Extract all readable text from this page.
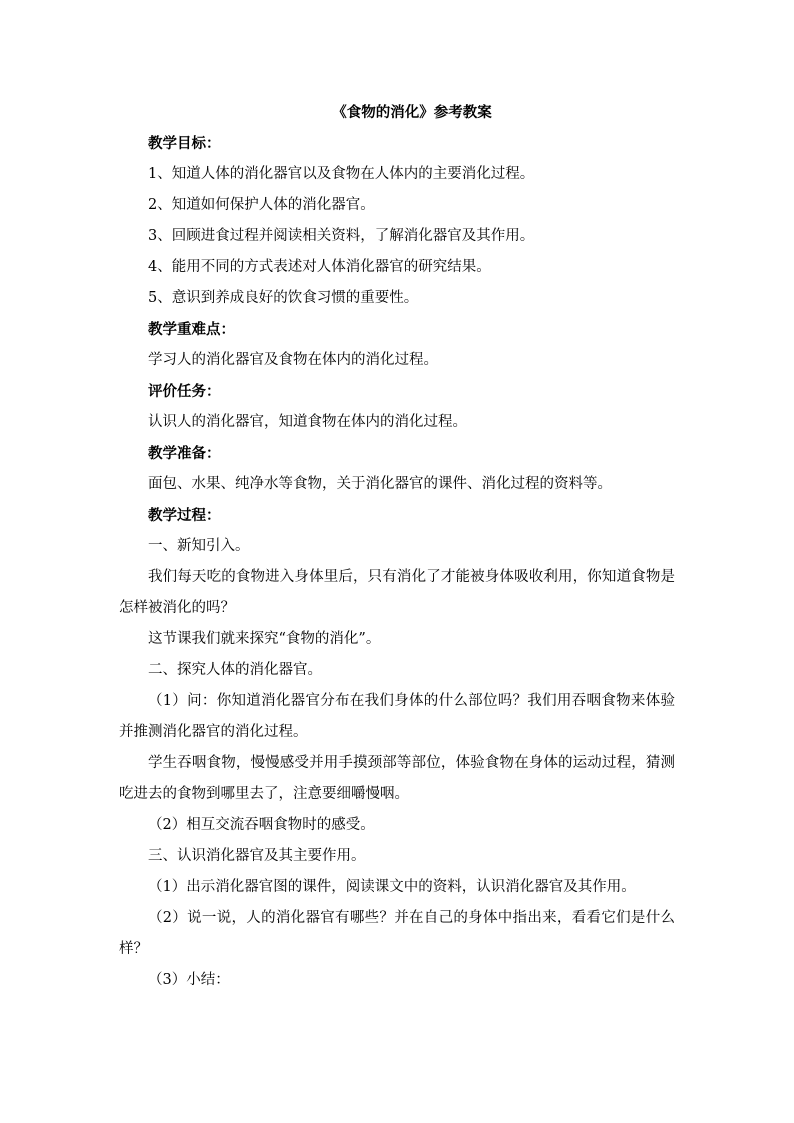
《食物的消化》参考教案

教学目标：

1、知道人体的消化器官以及食物在人体内的主要消化过程。

2、知道如何保护人体的消化器官。

3、回顾进食过程并阅读相关资料，了解消化器官及其作用。

4、能用不同的方式表述对人体消化器官的研究结果。

5、意识到养成良好的饮食习惯的重要性。

教学重难点：

学习人的消化器官及食物在体内的消化过程。

评价任务：

认识人的消化器官，知道食物在体内的消化过程。

教学准备：

面包、水果、纯净水等食物，关于消化器官的课件、消化过程的资料等。

教学过程：

一、新知引入。

我们每天吃的食物进入身体里后，只有消化了才能被身体吸收利用，你知道食物是怎样被消化的吗？

这节课我们就来探究“食物的消化”。

二、探究人体的消化器官。

（1）问：你知道消化器官分布在我们身体的什么部位吗？我们用吞咽食物来体验并推测消化器官的消化过程。

学生吞咽食物，慢慢感受并用手摸颈部等部位，体验食物在身体的运动过程，猜测吃进去的食物到哪里去了，注意要细嚼慢咽。

（2）相互交流吞咽食物时的感受。

三、认识消化器官及其主要作用。

（1）出示消化器官图的课件，阅读课文中的资料，认识消化器官及其作用。

（2）说一说，人的消化器官有哪些？并在自己的身体中指出来，看看它们是什么样？

（3）小结：
